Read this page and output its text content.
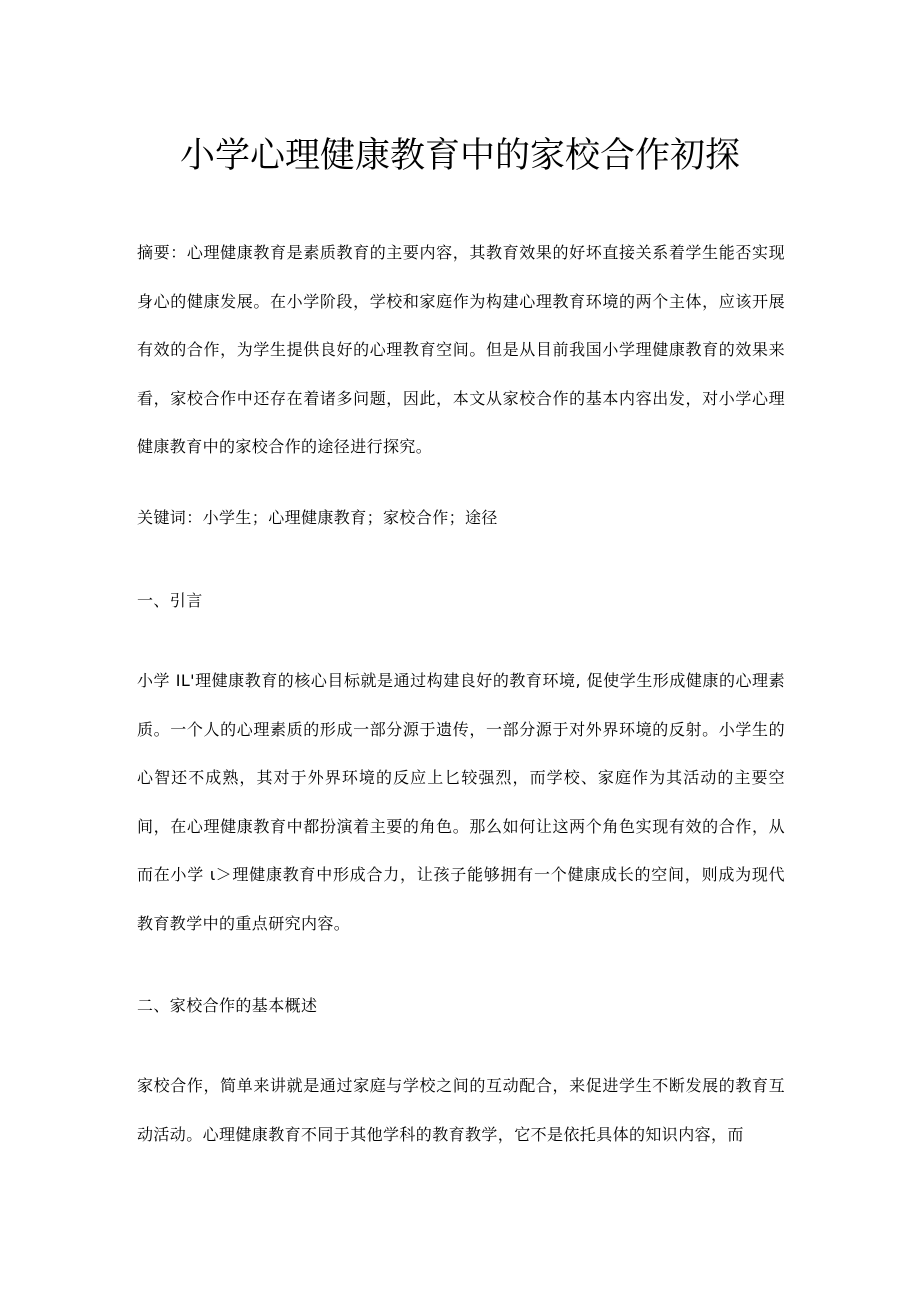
小学心理健康教育中的家校合作初探

摘要：心理健康教育是素质教育的主要内容，其教育效果的好坏直接关系着学生能否实现身心的健康发展。在小学阶段，学校和家庭作为构建心理教育环境的两个主体，应该开展有效的合作，为学生提供良好的心理教育空间。但是从目前我国小学理健康教育的效果来看，家校合作中还存在着诸多问题，因此，本文从家校合作的基本内容出发，对小学心理健康教育中的家校合作的途径进行探究。

关键词：小学生；心理健康教育；家校合作；途径

一、引言

小学 IL'理健康教育的核心目标就是通过构建良好的教育环境, 促使学生形成健康的心理素质。一个人的心理素质的形成一部分源于遗传，一部分源于对外界环境的反射。小学生的心智还不成熟，其对于外界环境的反应上匕较强烈，而学校、家庭作为其活动的主要空间，在心理健康教育中都扮演着主要的角色。那么如何让这两个角色实现有效的合作，从而在小学 ι＞理健康教育中形成合力，让孩子能够拥有一个健康成长的空间，则成为现代教育教学中的重点研究内容。

二、家校合作的基本概述

家校合作，简单来讲就是通过家庭与学校之间的互动配合，来促进学生不断发展的教育互动活动。心理健康教育不同于其他学科的教育教学，它不是依托具体的知识内容，而
